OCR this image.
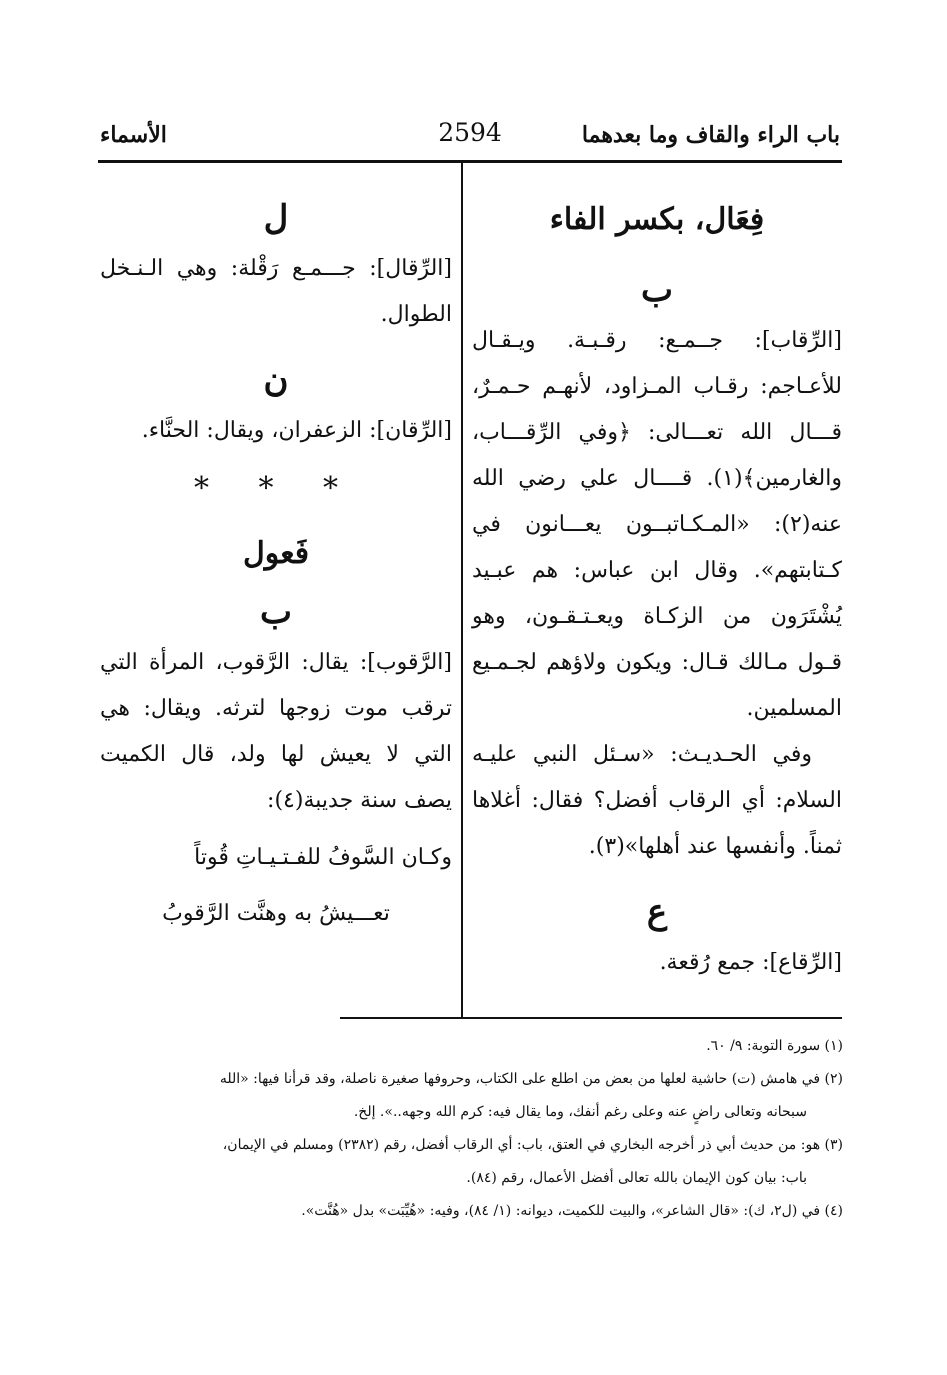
باب الراء والقاف وما بعدهما
2594
الأسماء
فِعَال، بكسر الفاء
ب

[الرِّقاب]: جــمـع: رقـبـة. ويـقـال للأعـاجم: رقـاب المـزاود، لأنهـم حـمـرٌ، قـــال الله تعـــالى: ﴿وفي الرِّقـــاب، والغارمين﴾(١). قــــال علي رضي الله عنه(٢): «المـكـاتبــون يعـــانون في كـتابتهم». وقال ابن عباس: هم عبـيد يُشْتَرَون من الزكـاة ويعـتـقـون، وهو قـول مـالك قـال: ويكون ولاؤهم لجـمـيع المسلمين.

وفي الحـديـث: «سـئل النبي عليـه السلام: أي الرقاب أفضل؟ فقال: أغلاها ثمناً. وأنفسها عند أهلها»(٣).

ع

[الرِّقاع]: جمع رُقعة.

ل

[الرِّقال]: جـــمـع رَقْلة: وهي الـنـخل الطوال.

ن

[الرِّقان]: الزعفران، ويقال: الحنَّاء.

* * *
فَعول
ب

[الرَّقوب]: يقال: الرَّقوب، المرأة التي ترقب موت زوجها لترثه. ويقال: هي التي لا يعيش لها ولد، قال الكميت يصف سنة جديبة(٤):

وكـان السَّوفُ للفـتـيـاتِ قُوتاً
تعـــيشُ به وهنَّت الرَّقوبُ

(١) سورة التوبة: ٩/ ٦٠.

(٢) في هامش (ت) حاشية لعلها من بعض من اطلع على الكتاب، وحروفها صغيرة ناصلة، وقد قرأنا فيها: «الله

سبحانه وتعالى راضٍ عنه وعلى رغم أنفك، وما يقال فيه: كرم الله وجهه..». إلخ.

(٣) هو: من حديث أبي ذر أخرجه البخاري في العتق، باب: أي الرقاب أفضل، رقم (٢٣٨٢) ومسلم في الإيمان،

باب: بيان كون الإيمان بالله تعالى أفضل الأعمال، رقم (٨٤).

(٤) في (ل٢، ك): «قال الشاعر»، والبيت للكميت، ديوانه: (١/ ٨٤)، وفيه: «هُيِّبَت» بدل «هُنَّت».
